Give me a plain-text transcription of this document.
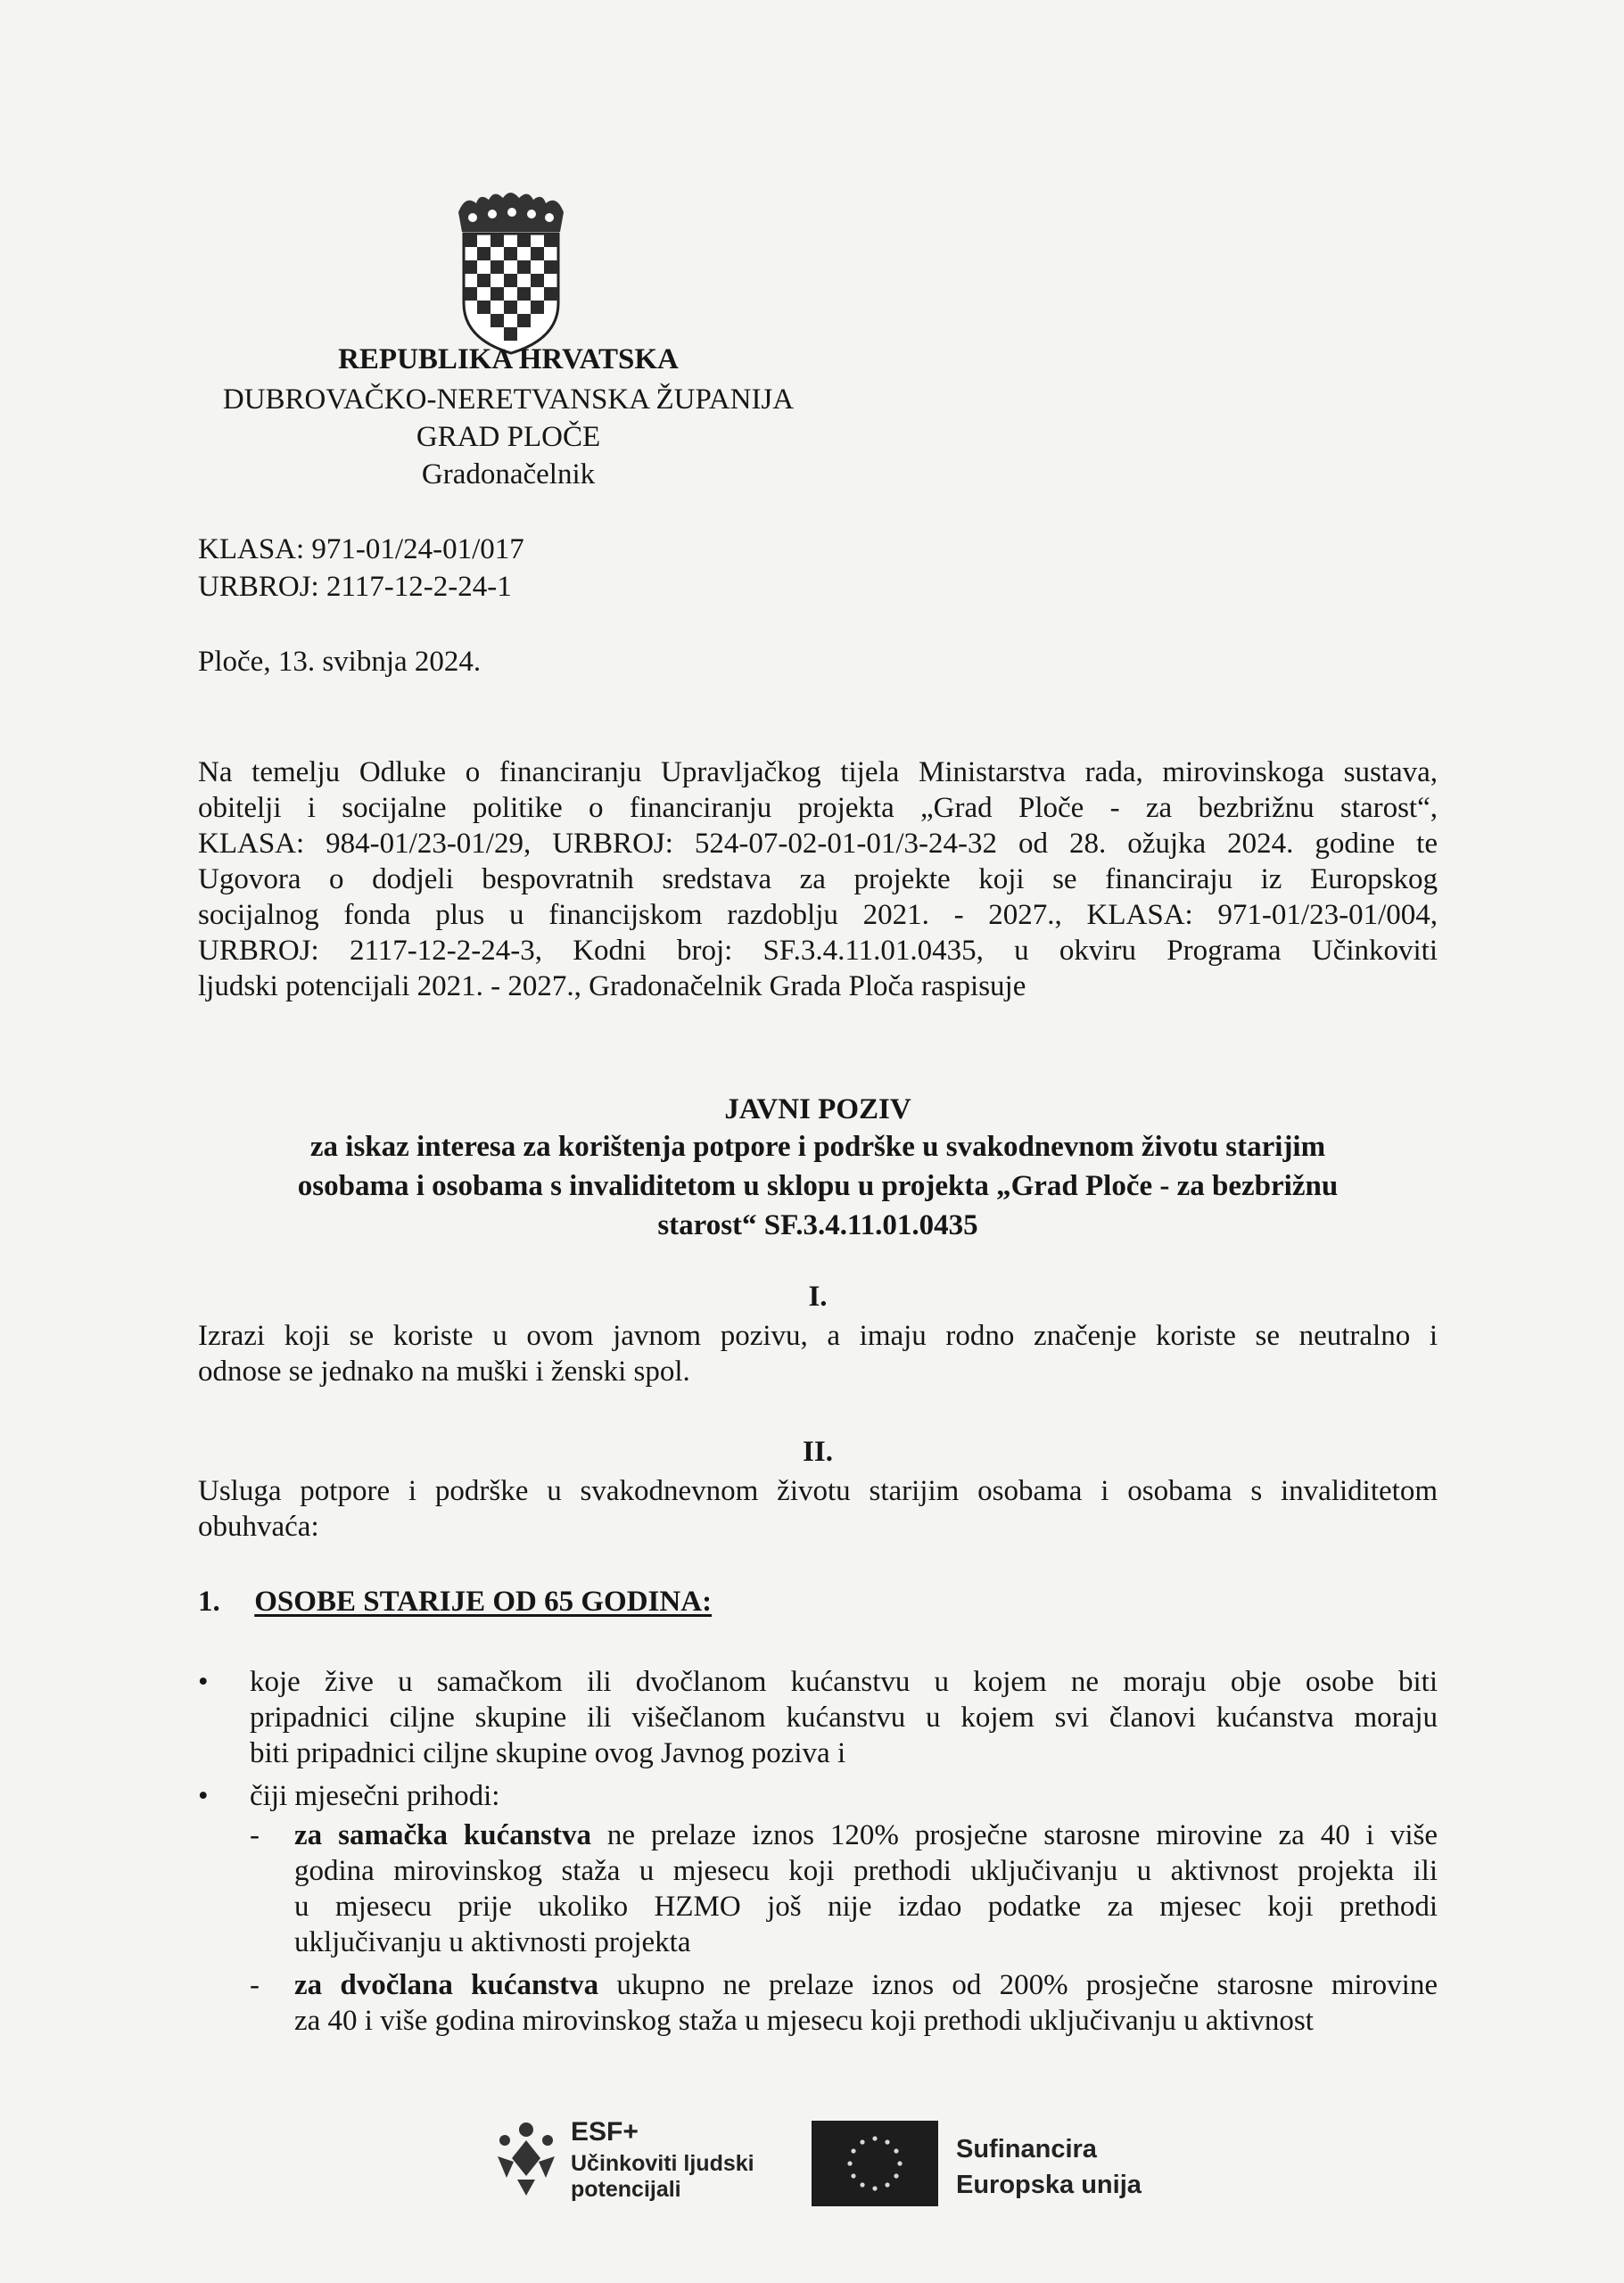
REPUBLIKA HRVATSKA
DUBROVAČKO-NERETVANSKA ŽUPANIJA
GRAD PLOČE
Gradonačelnik
KLASA: 971-01/24-01/017
URBROJ: 2117-12-2-24-1
Ploče, 13. svibnja 2024.
Na temelju Odluke o financiranju Upravljačkog tijela Ministarstva rada, mirovinskoga sustava,
obitelji i socijalne politike o financiranju projekta „Grad Ploče - za bezbrižnu starost“,
KLASA: 984-01/23-01/29, URBROJ: 524-07-02-01-01/3-24-32 od 28. ožujka 2024. godine te
Ugovora o dodjeli bespovratnih sredstava za projekte koji se financiraju iz Europskog
socijalnog fonda plus u financijskom razdoblju 2021. - 2027., KLASA: 971-01/23-01/004,
URBROJ: 2117-12-2-24-3, Kodni broj: SF.3.4.11.01.0435, u okviru Programa Učinkoviti
ljudski potencijali 2021. - 2027., Gradonačelnik Grada Ploča raspisuje
JAVNI POZIV
za iskaz interesa za korištenja potpore i podrške u svakodnevnom životu starijim
osobama i osobama s invaliditetom u sklopu u projekta „Grad Ploče - za bezbrižnu
starost“ SF.3.4.11.01.0435
I.
Izrazi koji se koriste u ovom javnom pozivu, a imaju rodno značenje koriste se neutralno i
odnose se jednako na muški i ženski spol.
II.
Usluga potpore i podrške u svakodnevnom životu starijim osobama i osobama s invaliditetom
obuhvaća:
1. OSOBE STARIJE OD 65 GODINA:
•	koje žive u samačkom ili dvočlanom kućanstvu u kojem ne moraju obje osobe biti
pripadnici ciljne skupine ili višečlanom kućanstvu u kojem svi članovi kućanstva moraju
biti pripadnici ciljne skupine ovog Javnog poziva i
•	čiji mjesečni prihodi:
-	za samačka kućanstva ne prelaze iznos 120% prosječne starosne mirovine za 40 i više
godina mirovinskog staža u mjesecu koji prethodi uključivanju u aktivnost projekta ili
u mjesecu prije ukoliko HZMO još nije izdao podatke za mjesec koji prethodi
uključivanju u aktivnosti projekta
-	za dvočlana kućanstva ukupno ne prelaze iznos od 200% prosječne starosne mirovine
za 40 i više godina mirovinskog staža u mjesecu koji prethodi uključivanju u aktivnost
ESF+
Učinkoviti ljudski
potencijali
Sufinancira
Europska unija
